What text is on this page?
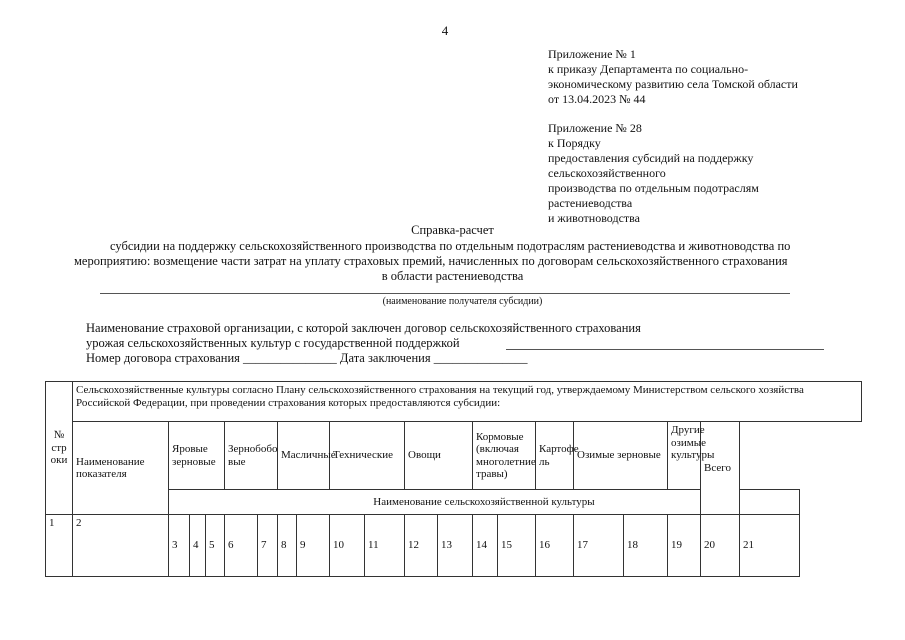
4
Приложение № 1
к приказу Департамента по социально-
экономическому развитию села Томской области
от 13.04.2023 № 44
Приложение № 28
к Порядку
предоставления субсидий на поддержку
сельскохозяйственного
производства по отдельным подотраслям
растениеводства
и животноводства
Справка-расчет
субсидии на поддержку сельскохозяйственного производства по отдельным подотраслям растениеводства и животноводства по
мероприятию: возмещение части затрат на уплату страховых премий, начисленных по договорам сельскохозяйственного страхования
в области растениеводства
(наименование получателя субсидии)
Наименование страховой организации, с которой заключен договор сельскохозяйственного страхования
урожая сельскохозяйственных культур с государственной поддержкой
Номер договора страхования _______________ Дата заключения _______________
№ стр оки	Сельскохозяйственные культуры согласно Плану сельскохозяйственного страхования на текущий год, утверждаемому Министерством сельского хозяйства Российской Федерации, при проведении страхования которых предоставляются субсидии:																			
	Наименование показателя	Яровые зерновые			Зернобобо вые		Масличные		Технические		Овощи		Кормовые (включая многолетние травы)		Картофе ль	Озимые зерновые		Другие озимые культуры	Всего	
		Наименование сельскохозяйственной культуры																		
1	2	3	4	5	6	7	8	9	10	11	12	13	14	15	16	17	18	19	20	21
